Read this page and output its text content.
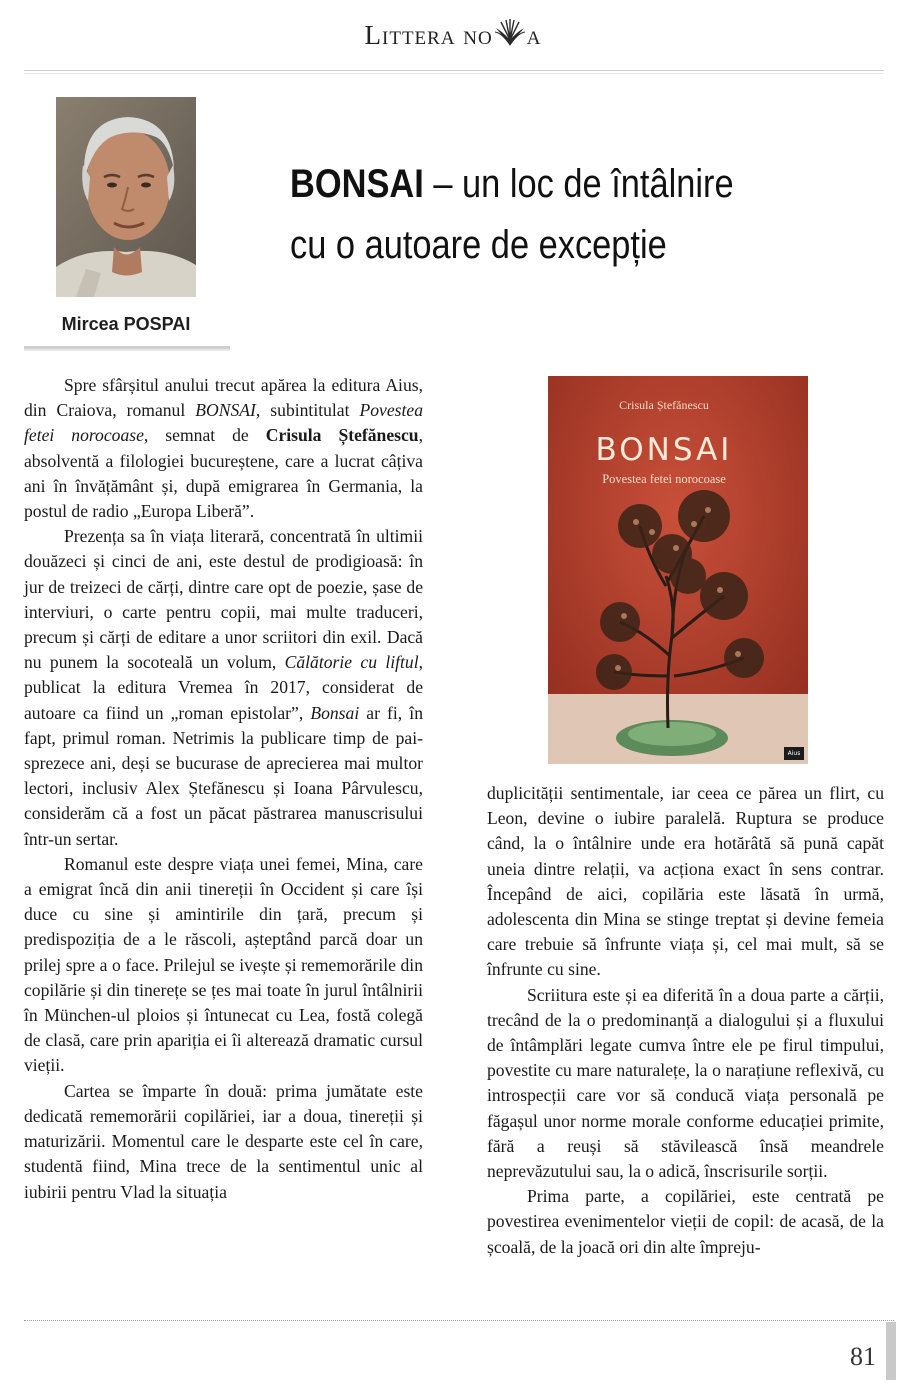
Littera no a
Mircea POSPAI
BONSAI – un loc de întâlnire
cu o autoare de excepție

Spre sfârșitul anului trecut apărea la editura Aius, din Craiova, romanul BONSAI, subintitulat Povestea fetei norocoase, semnat de Crisula Ștefănescu, absolventă a filologiei bucureștene, care a lucrat câțiva ani în învățământ și, după emigrarea în Germania, la postul de radio „Europa Liberă”.

Prezența sa în viața literară, concentrată în ultimii douăzeci și cinci de ani, este destul de prodigioasă: în jur de treizeci de cărți, dintre care opt de poezie, șase de interviuri, o carte pentru copii, mai multe traduceri, precum și cărți de editare a unor scriitori din exil. Dacă nu punem la socoteală un volum, Călătorie cu liftul, publicat la editura Vremea în 2017, considerat de autoare ca fiind un „roman epistolar”, Bonsai ar fi, în fapt, primul roman. Netrimis la publicare timp de paisprezece ani, deși se bucurase de aprecierea mai multor lectori, inclusiv Alex Ștefănescu și Ioana Pârvulescu, considerăm că a fost un păcat păstrarea manuscrisului într-un sertar.

Romanul este despre viața unei femei, Mina, care a emigrat încă din anii tinereții în Occident și care își duce cu sine și amintirile din țară, precum și predispoziția de a le răscoli, așteptând parcă doar un prilej spre a o face. Prilejul se ivește și rememorările din copilărie și din tinerețe se țes mai toate în jurul întâlnirii în München-ul ploios și întunecat cu Lea, fostă colegă de clasă, care prin apariția ei îi alterează dramatic cursul vieții.

Cartea se împarte în două: prima jumătate este dedicată rememorării copilăriei, iar a doua, tinereții și maturizării. Momentul care le desparte este cel în care, studentă fiind, Mina trece de la sentimentul unic al iubirii pentru Vlad la situația

Crisula Ștefănescu
BONSAI
Povestea fetei norocoase
Aius

duplicității sentimentale, iar ceea ce părea un flirt, cu Leon, devine o iubire paralelă. Ruptura se produce când, la o întâlnire unde era hotărâtă să pună capăt uneia dintre relații, va acționa exact în sens contrar. Începând de aici, copilăria este lăsată în urmă, adolescenta din Mina se stinge treptat și devine femeia care trebuie să înfrunte viața și, cel mai mult, să se înfrunte cu sine.

Scriitura este și ea diferită în a doua parte a cărții, trecând de la o predominanță a dialogului și a fluxului de întâmplări legate cumva între ele pe firul timpului, povestite cu mare naturalețe, la o narațiune reflexivă, cu introspecții care vor să conducă viața personală pe făgașul unor norme morale conforme educației primite, fără a reuși să stăvilească însă meandrele neprevăzutului sau, la o adică, înscrisurile sorții.

Prima parte, a copilăriei, este centrată pe povestirea evenimentelor vieții de copil: de acasă, de la școală, de la joacă ori din alte împreju-

81
